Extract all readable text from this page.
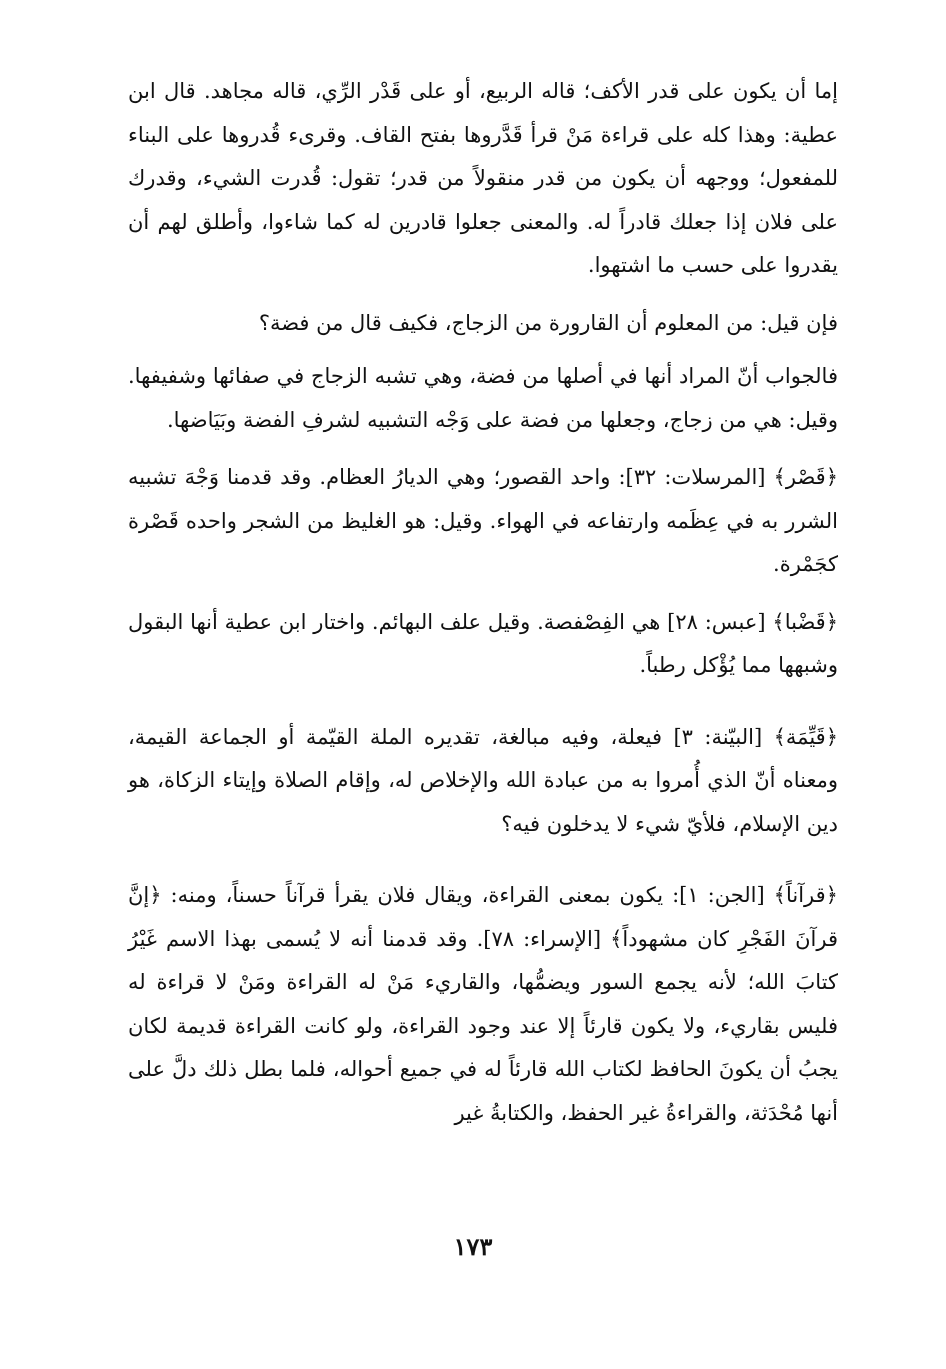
إما أن يكون على قدر الأكف؛ قاله الربيع، أو على قَدْر الرِّي، قاله مجاهد. قال ابن عطية: وهذا كله على قراءة مَنْ قرأ قَدَّروها بفتح القاف. وقرىء قُدروها على البناء للمفعول؛ ووجهه أن يكون من قدر منقولاً من قدر؛ تقول: قُدرت الشيء، وقدرك على فلان إذا جعلك قادراً له. والمعنى جعلوا قادرين له كما شاءوا، وأطلق لهم أن يقدروا على حسب ما اشتهوا.

فإن قيل: من المعلوم أن القارورة من الزجاج، فكيف قال من فضة؟

فالجواب أنّ المراد أنها في أصلها من فضة، وهي تشبه الزجاج في صفائها وشفيفها. وقيل: هي من زجاج، وجعلها من فضة على وَجْه التشبيه لشرفِ الفضة وبَيَاضها.

﴿قَصْر﴾ [المرسلات: ٣٢]: واحد القصور؛ وهي الديارُ العظام. وقد قدمنا وَجْهَ تشبيه الشرر به في عِظَمه وارتفاعه في الهواء. وقيل: هو الغليظ من الشجر واحده قَصْرة كجَمْرة.

﴿قَضْبا﴾ [عبس: ٢٨] هي الفِصْفصة. وقيل علف البهائم. واختار ابن عطية أنها البقول وشبهها مما يُؤْكل رطباً.

﴿قَيِّمَة﴾ [البيّنة: ٣] فيعلة، وفيه مبالغة، تقديره الملة القيّمة أو الجماعة القيمة، ومعناه أنّ الذي أُمروا به من عبادة الله والإخلاص له، وإقام الصلاة وإيتاء الزكاة، هو دين الإسلام، فلأيّ شيء لا يدخلون فيه؟

﴿قرآناً﴾ [الجن: ١]: يكون بمعنى القراءة، ويقال فلان يقرأ قرآناً حسناً، ومنه: ﴿إنَّ قرآنَ الفَجْرِ كان مشهوداً﴾ [الإسراء: ٧٨]. وقد قدمنا أنه لا يُسمى بهذا الاسم غَيْرُ كتابَ الله؛ لأنه يجمع السور ويضمُّها، والقاريء مَنْ له القراءة ومَنْ لا قراءة له فليس بقاريء، ولا يكون قارئاً إلا عند وجود القراءة، ولو كانت القراءة قديمة لكان يجبُ أن يكونَ الحافظ لكتاب الله قارئاً له في جميع أحواله، فلما بطل ذلك دلَّ على أنها مُحْدَثة، والقراءةُ غير الحفظ، والكتابةُ غير

١٧٣
